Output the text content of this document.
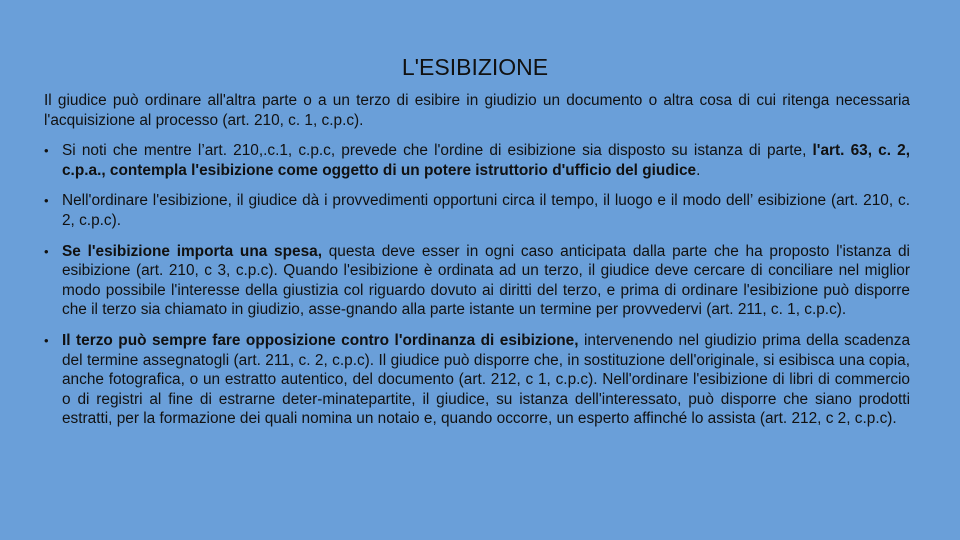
L'ESIBIZIONE

Il giudice può ordinare all'altra parte o a un terzo di esibire in giudizio un documento o altra cosa di cui ritenga necessaria l'acquisizione al processo (art. 210, c. 1, c.p.c).

• Si noti che mentre l’art. 210,.c.1, c.p.c, prevede che l'ordine di esibizione sia disposto su istanza di parte, l'art. 63, c. 2, c.p.a., contempla l'esibizione come oggetto di un potere istruttorio d'ufficio del giudice.
• Nell'ordinare l'esibizione, il giudice dà i provvedimenti opportuni circa il tempo, il luogo e il modo dell’ esibizione (art. 210, c. 2, c.p.c).
• Se l'esibizione importa una spesa, questa deve esser in ogni caso anticipata dalla parte che ha proposto l'istanza di esibizione (art. 210, c 3, c.p.c). Quando l'esibizione è ordinata ad un terzo, il giudice deve cercare di conciliare nel miglior modo possibile l'interesse della giustizia col riguardo dovuto ai diritti del terzo, e prima di ordinare l'esibizione può disporre che il terzo sia chiamato in giudizio, asse-gnando alla parte istante un termine per provvedervi (art. 211, c. 1, c.p.c).
• Il terzo può sempre fare opposizione contro l'ordinanza di esibizione, intervenendo nel giudizio prima della scadenza del termine assegnatogli (art. 211, c. 2, c.p.c). Il giudice può disporre che, in sostituzione dell'originale, si esibisca una copia, anche fotografica, o un estratto autentico, del documento (art. 212, c 1, c.p.c). Nell'ordinare l'esibizione di libri di commercio o di registri al fine di estrarne deter-minatepartite, il giudice, su istanza dell'interessato, può disporre che siano prodotti estratti, per la formazione dei quali nomina un notaio e, quando occorre, un esperto affinché lo assista (art. 212, c 2, c.p.c).
